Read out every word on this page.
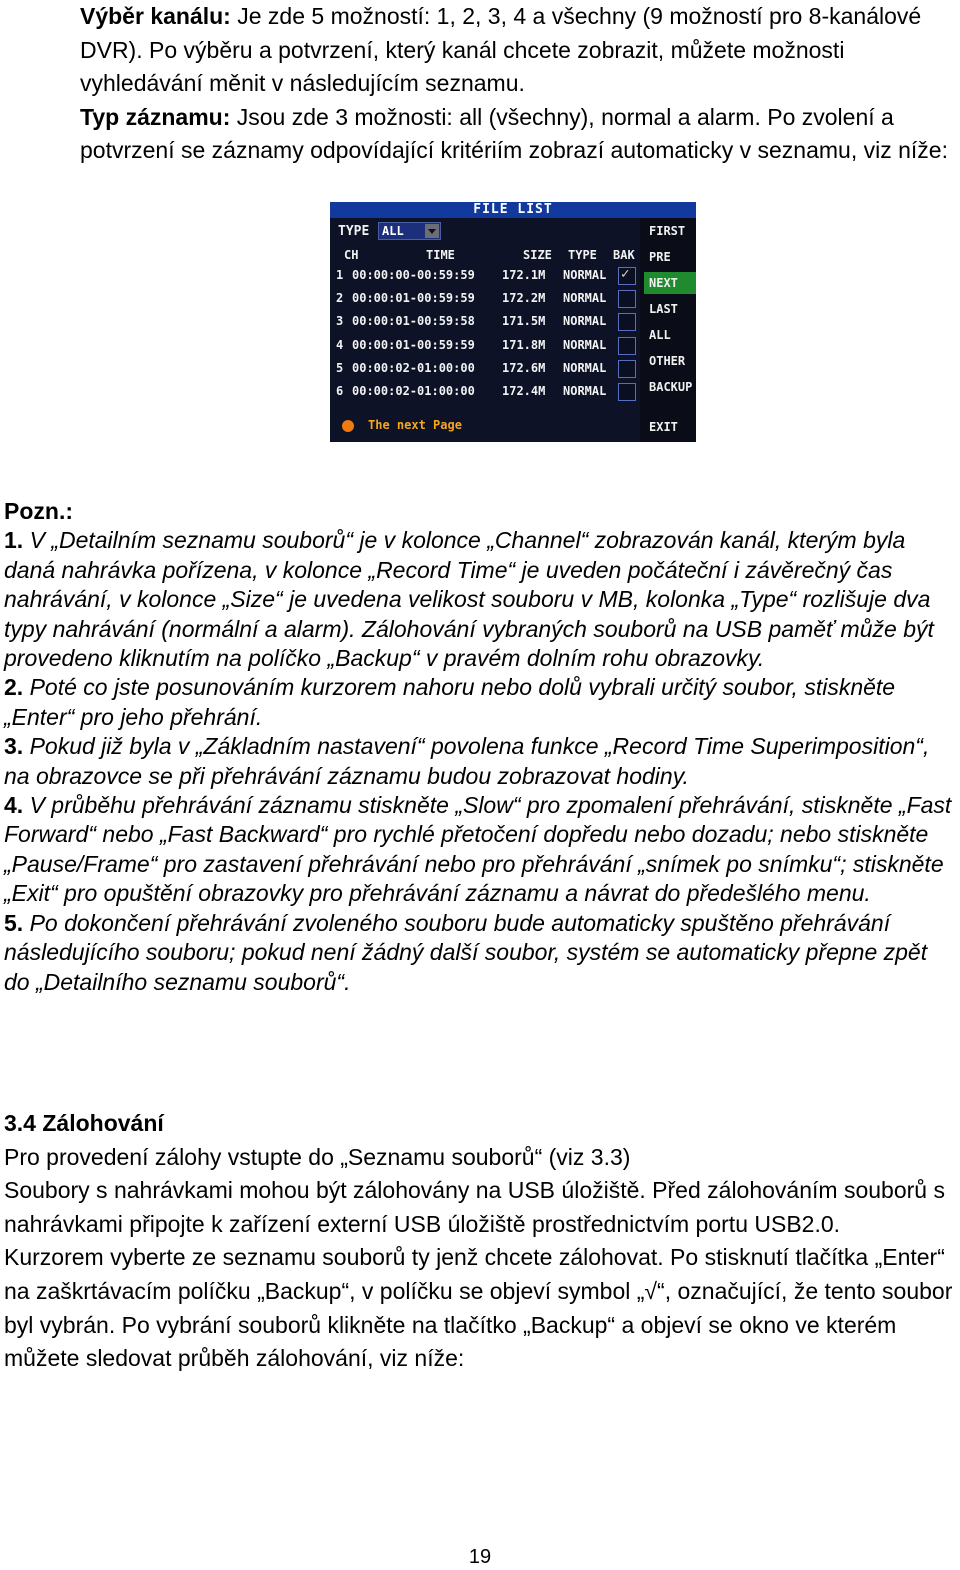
Výběr kanálu: Je zde 5 možností: 1, 2, 3, 4 a všechny (9 možností pro 8-kanálové DVR). Po výběru a potvrzení, který kanál chcete zobrazit, můžete možnosti vyhledávání měnit v následujícím seznamu.

Typ záznamu: Jsou zde 3 možnosti: all (všechny), normal a alarm. Po zvolení a potvrzení se záznamy odpovídající kritériím zobrazí automaticky v seznamu, viz níže:

FILE LIST
TYPE ALL
CH	TIME	SIZE TYPE BAK
1 00:00:00-00:59:59 172.1M NORMAL
✓
2 00:00:01-00:59:59 172.2M NORMAL
3 00:00:01-00:59:58 171.5M NORMAL
4 00:00:01-00:59:59 171.8M NORMAL
5 00:00:02-01:00:00 172.6M NORMAL
6 00:00:02-01:00:00 172.4M NORMAL
FIRST
PRE
NEXT
LAST
ALL
OTHER
BACKUP
EXIT
The next Page

Pozn.:

1. V „Detailním seznamu souborů“ je v kolonce „Channel“ zobrazován kanál, kterým byla daná nahrávka pořízena, v kolonce „Record Time“ je uveden počáteční i závěrečný čas nahrávání, v kolonce „Size“ je uvedena velikost souboru v MB, kolonka „Type“ rozlišuje dva typy nahrávání (normální a alarm). Zálohování vybraných souborů na USB paměť může být provedeno kliknutím na políčko „Backup“ v pravém dolním rohu obrazovky.

2. Poté co jste posunováním kurzorem nahoru nebo dolů vybrali určitý soubor, stiskněte „Enter“ pro jeho přehrání.

3. Pokud již byla v „Základním nastavení“ povolena funkce „Record Time Superimposition“, na obrazovce se při přehrávání záznamu budou zobrazovat hodiny.

4. V průběhu přehrávání záznamu stiskněte „Slow“ pro zpomalení přehrávání, stiskněte „Fast Forward“ nebo „Fast Backward“ pro rychlé přetočení dopředu nebo dozadu; nebo stiskněte „Pause/Frame“ pro zastavení přehrávání nebo pro přehrávání „snímek po snímku“; stiskněte „Exit“ pro opuštění obrazovky pro přehrávání záznamu a návrat do předešlého menu.

5. Po dokončení přehrávání zvoleného souboru bude automaticky spuštěno přehrávání následujícího souboru; pokud není žádný další soubor, systém se automaticky přepne zpět do „Detailního seznamu souborů“.

3.4 Zálohování

Pro provedení zálohy vstupte do „Seznamu souborů“ (viz 3.3)

Soubory s nahrávkami mohou být zálohovány na USB úložiště. Před zálohováním souborů s nahrávkami připojte k zařízení externí USB úložiště prostřednictvím portu USB2.0.

Kurzorem vyberte ze seznamu souborů ty jenž chcete zálohovat. Po stisknutí tlačítka „Enter“ na zaškrtávacím políčku „Backup“, v políčku se objeví symbol „√“, označující, že tento soubor byl vybrán. Po vybrání souborů klikněte na tlačítko „Backup“ a objeví se okno ve kterém můžete sledovat průběh zálohování, viz níže:

19
